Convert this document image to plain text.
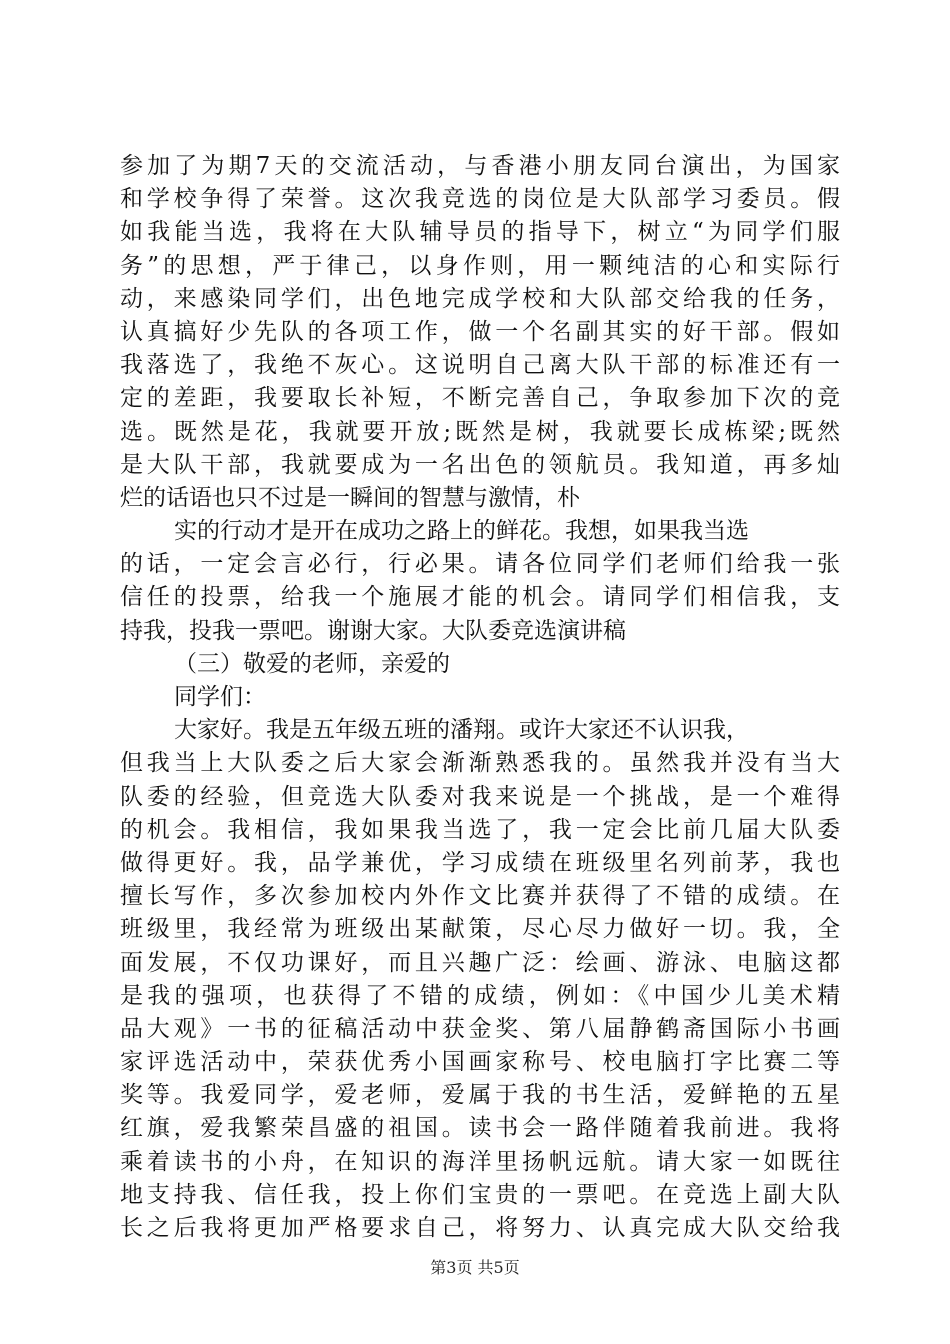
参加了为期7天的交流活动，与香港小朋友同台演出，为国家
和学校争得了荣誉。这次我竞选的岗位是大队部学习委员。假
如我能当选，我将在大队辅导员的指导下，树立“为同学们服
务”的思想，严于律己，以身作则，用一颗纯洁的心和实际行
动，来感染同学们，出色地完成学校和大队部交给我的任务，
认真搞好少先队的各项工作，做一个名副其实的好干部。假如
我落选了，我绝不灰心。这说明自己离大队干部的标准还有一
定的差距，我要取长补短，不断完善自己，争取参加下次的竞
选。既然是花，我就要开放;既然是树，我就要长成栋梁;既然
是大队干部，我就要成为一名出色的领航员。我知道，再多灿
烂的话语也只不过是一瞬间的智慧与激情，朴
实的行动才是开在成功之路上的鲜花。我想，如果我当选
的话，一定会言必行，行必果。请各位同学们老师们给我一张
信任的投票，给我一个施展才能的机会。请同学们相信我，支
持我，投我一票吧。谢谢大家。大队委竞选演讲稿
（三）敬爱的老师，亲爱的
同学们：
大家好。我是五年级五班的潘翔。或许大家还不认识我，
但我当上大队委之后大家会渐渐熟悉我的。虽然我并没有当大
队委的经验，但竞选大队委对我来说是一个挑战，是一个难得
的机会。我相信，我如果我当选了，我一定会比前几届大队委
做得更好。我，品学兼优，学习成绩在班级里名列前茅，我也
擅长写作，多次参加校内外作文比赛并获得了不错的成绩。在
班级里，我经常为班级出某献策，尽心尽力做好一切。我，全
面发展，不仅功课好，而且兴趣广泛：绘画、游泳、电脑这都
是我的强项，也获得了不错的成绩，例如：《中国少儿美术精
品大观》一书的征稿活动中获金奖、第八届静鹤斋国际小书画
家评选活动中，荣获优秀小国画家称号、校电脑打字比赛二等
奖等。我爱同学，爱老师，爱属于我的书生活，爱鲜艳的五星
红旗，爱我繁荣昌盛的祖国。读书会一路伴随着我前进。我将
乘着读书的小舟，在知识的海洋里扬帆远航。请大家一如既往
地支持我、信任我，投上你们宝贵的一票吧。在竞选上副大队
长之后我将更加严格要求自己，将努力、认真完成大队交给我
第3页 共5页
